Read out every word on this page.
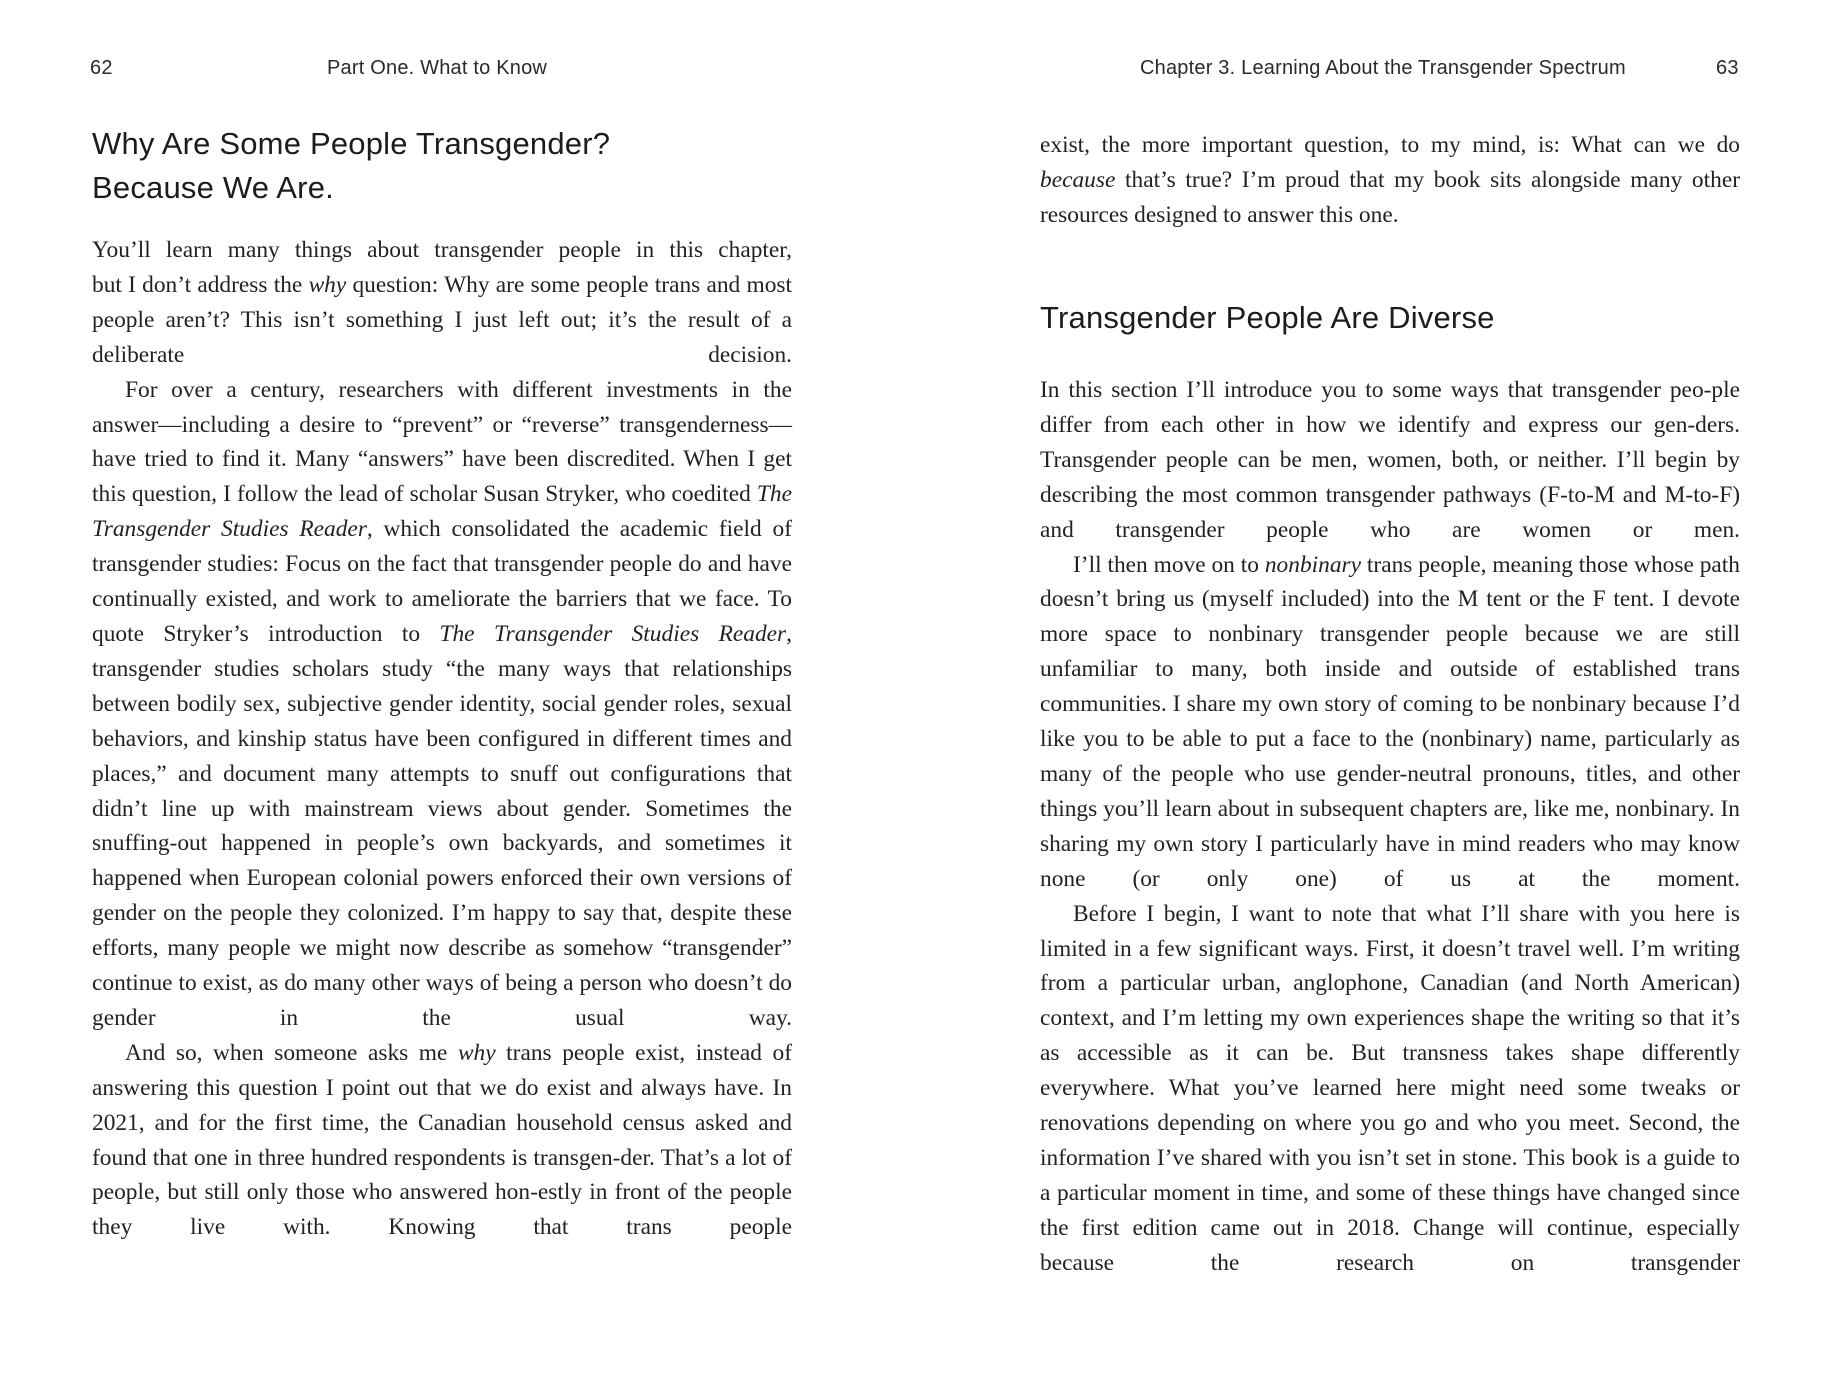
62	Part One. What to Know
Why Are Some People Transgender?
Because We Are.

You’ll learn many things about transgender people in this chapter,
but I don’t address the why question: Why are some people trans and most people aren’t? This isn’t something I just left out; it’s the result of a deliberate decision.

For over a century, researchers with different investments in the answer—including a desire to “prevent” or “reverse” transgenderness—have tried to find it. Many “answers” have been discredited. When I get this question, I follow the lead of scholar Susan Stryker, who coedited The Transgender Studies Reader, which consolidated the academic field of transgender studies: Focus on the fact that transgender people do and have continually existed, and work to ameliorate the barriers that we face. To quote Stryker’s introduction to The Transgender Studies Reader, transgender studies scholars study “the many ways that relationships between bodily sex, subjective gender identity, social gender roles, sexual behaviors, and kinship status have been configured in different times and places,” and document many attempts to snuff out configurations that didn’t line up with mainstream views about gender. Sometimes the snuffing-out happened in people’s own backyards, and sometimes it happened when European colonial powers enforced their own versions of gender on the people they colonized. I’m happy to say that, despite these efforts, many people we might now describe as somehow “transgender” continue to exist, as do many other ways of being a person who doesn’t do gender in the usual way.

And so, when someone asks me why trans people exist, instead of answering this question I point out that we do exist and always have. In 2021, and for the first time, the Canadian household census asked and found that one in three hundred respondents is transgen-der. That’s a lot of people, but still only those who answered hon-estly in front of the people they live with. Knowing that trans people

Chapter 3. Learning About the Transgender Spectrum	63

exist, the more important question, to my mind, is: What can we do because that’s true? I’m proud that my book sits alongside many other resources designed to answer this one.

Transgender People Are Diverse

In this section I’ll introduce you to some ways that transgender peo-ple differ from each other in how we identify and express our gen-ders. Transgender people can be men, women, both, or neither. I’ll begin by describing the most common transgender pathways (F-to-M and M-to-F) and transgender people who are women or men.

I’ll then move on to nonbinary trans people, meaning those whose path doesn’t bring us (myself included) into the M tent or the F tent. I devote more space to nonbinary transgender people because we are still unfamiliar to many, both inside and outside of established trans communities. I share my own story of coming to be nonbinary because I’d like you to be able to put a face to the (nonbinary) name, particularly as many of the people who use gender-neutral pronouns, titles, and other things you’ll learn about in subsequent chapters are, like me, nonbinary. In sharing my own story I particularly have in mind readers who may know none (or only one) of us at the moment.

Before I begin, I want to note that what I’ll share with you here is limited in a few significant ways. First, it doesn’t travel well. I’m writing from a particular urban, anglophone, Canadian (and North American) context, and I’m letting my own experiences shape the writing so that it’s as accessible as it can be. But transness takes shape differently everywhere. What you’ve learned here might need some tweaks or renovations depending on where you go and who you meet. Second, the information I’ve shared with you isn’t set in stone. This book is a guide to a particular moment in time, and some of these things have changed since the first edition came out in 2018. Change will continue, especially because the research on transgender
